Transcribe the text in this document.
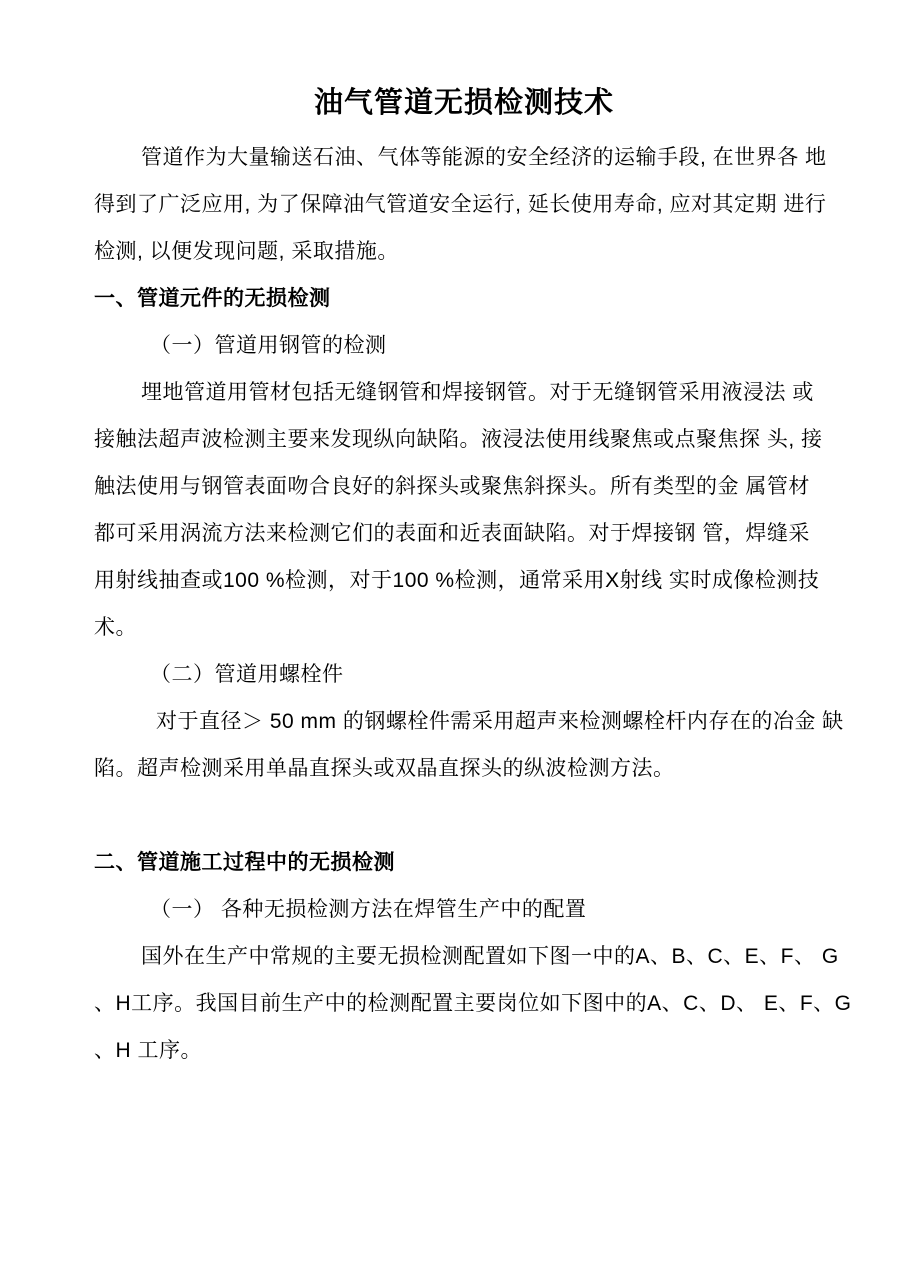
油气管道无损检测技术
管道作为大量输送石油、气体等能源的安全经济的运输手段, 在世界各 地
得到了广泛应用, 为了保障油气管道安全运行, 延长使用寿命, 应对其定期 进行
检测, 以便发现问题, 采取措施。
一、管道元件的无损检测
（一）管道用钢管的检测
埋地管道用管材包括无缝钢管和焊接钢管。对于无缝钢管采用液浸法 或
接触法超声波检测主要来发现纵向缺陷。液浸法使用线聚焦或点聚焦探 头, 接
触法使用与钢管表面吻合良好的斜探头或聚焦斜探头。所有类型的金 属管材
都可采用涡流方法来检测它们的表面和近表面缺陷。对于焊接钢 管，焊缝采
用射线抽查或100 %检测，对于100 %检测，通常采用X射线 实时成像检测技
术。
（二）管道用螺栓件
对于直径＞ 50 mm 的钢螺栓件需采用超声来检测螺栓杆内存在的冶金 缺
陷。超声检测采用单晶直探头或双晶直探头的纵波检测方法。
二、管道施工过程中的无损检测
（一） 各种无损检测方法在焊管生产中的配置
国外在生产中常规的主要无损检测配置如下图一中的A、B、C、E、F、 G
、H工序。我国目前生产中的检测配置主要岗位如下图中的A、C、D、 E、F、G
、H 工序。
